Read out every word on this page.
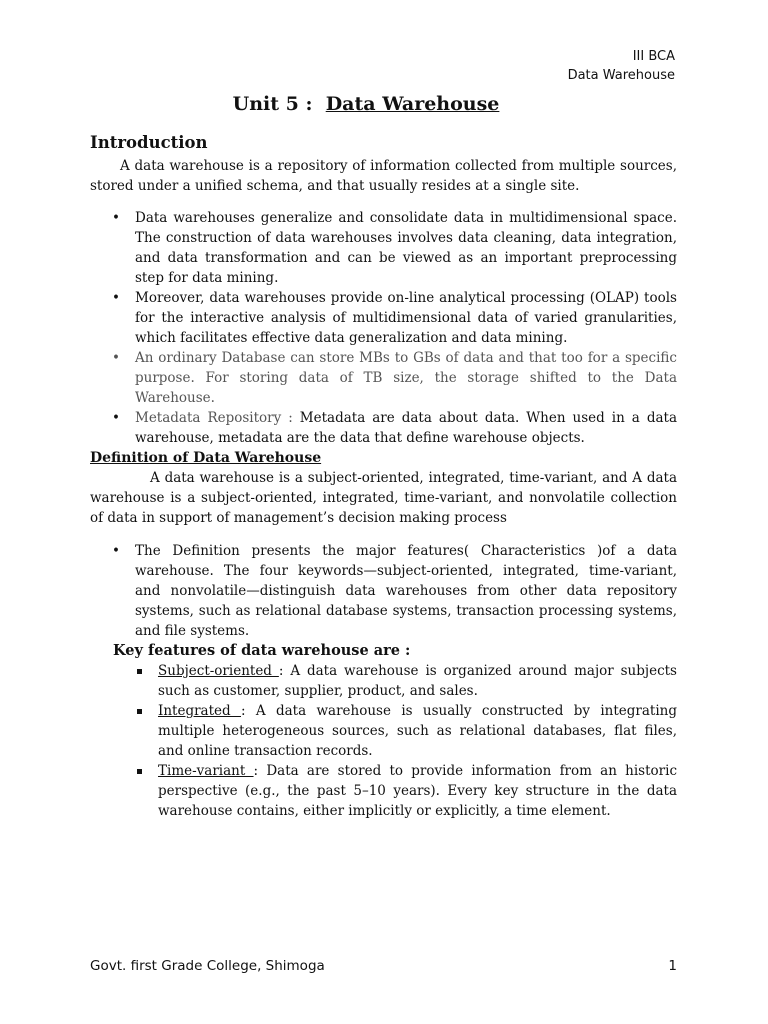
III BCA
Data Warehouse
Unit 5 :  Data Warehouse

Introduction

A data warehouse is a repository of information collected from multiple sources, stored under a unified schema, and that usually resides at a single site.

• Data warehouses generalize and consolidate data in multidimensional space. The construction of data warehouses involves data cleaning, data integration, and data transformation and can be viewed as an important preprocessing step for data mining.
• Moreover, data warehouses provide on-line analytical processing (OLAP) tools for the interactive analysis of multidimensional data of varied granularities, which facilitates effective data generalization and data mining.
• An ordinary Database can store MBs to GBs of data and that too for a specific purpose. For storing data of TB size, the storage shifted to the Data Warehouse.
• Metadata Repository : Metadata are data about data. When used in a data warehouse, metadata are the data that define warehouse objects.

Definition of Data Warehouse

A data warehouse is a subject-oriented, integrated, time-variant, and A data warehouse is a subject-oriented, integrated, time-variant, and nonvolatile collection of data in support of management’s decision making process

• The Definition presents the major features( Characteristics )of a data warehouse. The four keywords—subject-oriented, integrated, time-variant, and nonvolatile—distinguish data warehouses from other data repository systems, such as relational database systems, transaction processing systems, and file systems.

Key features of data warehouse are :

Subject-oriented : A data warehouse is organized around major subjects such as customer, supplier, product, and sales.
Integrated : A data warehouse is usually constructed by integrating multiple heterogeneous sources, such as relational databases, flat files, and online transaction records.
Time-variant : Data are stored to provide information from an historic perspective (e.g., the past 5–10 years). Every key structure in the data warehouse contains, either implicitly or explicitly, a time element.
Govt. first Grade College, Shimoga	1
